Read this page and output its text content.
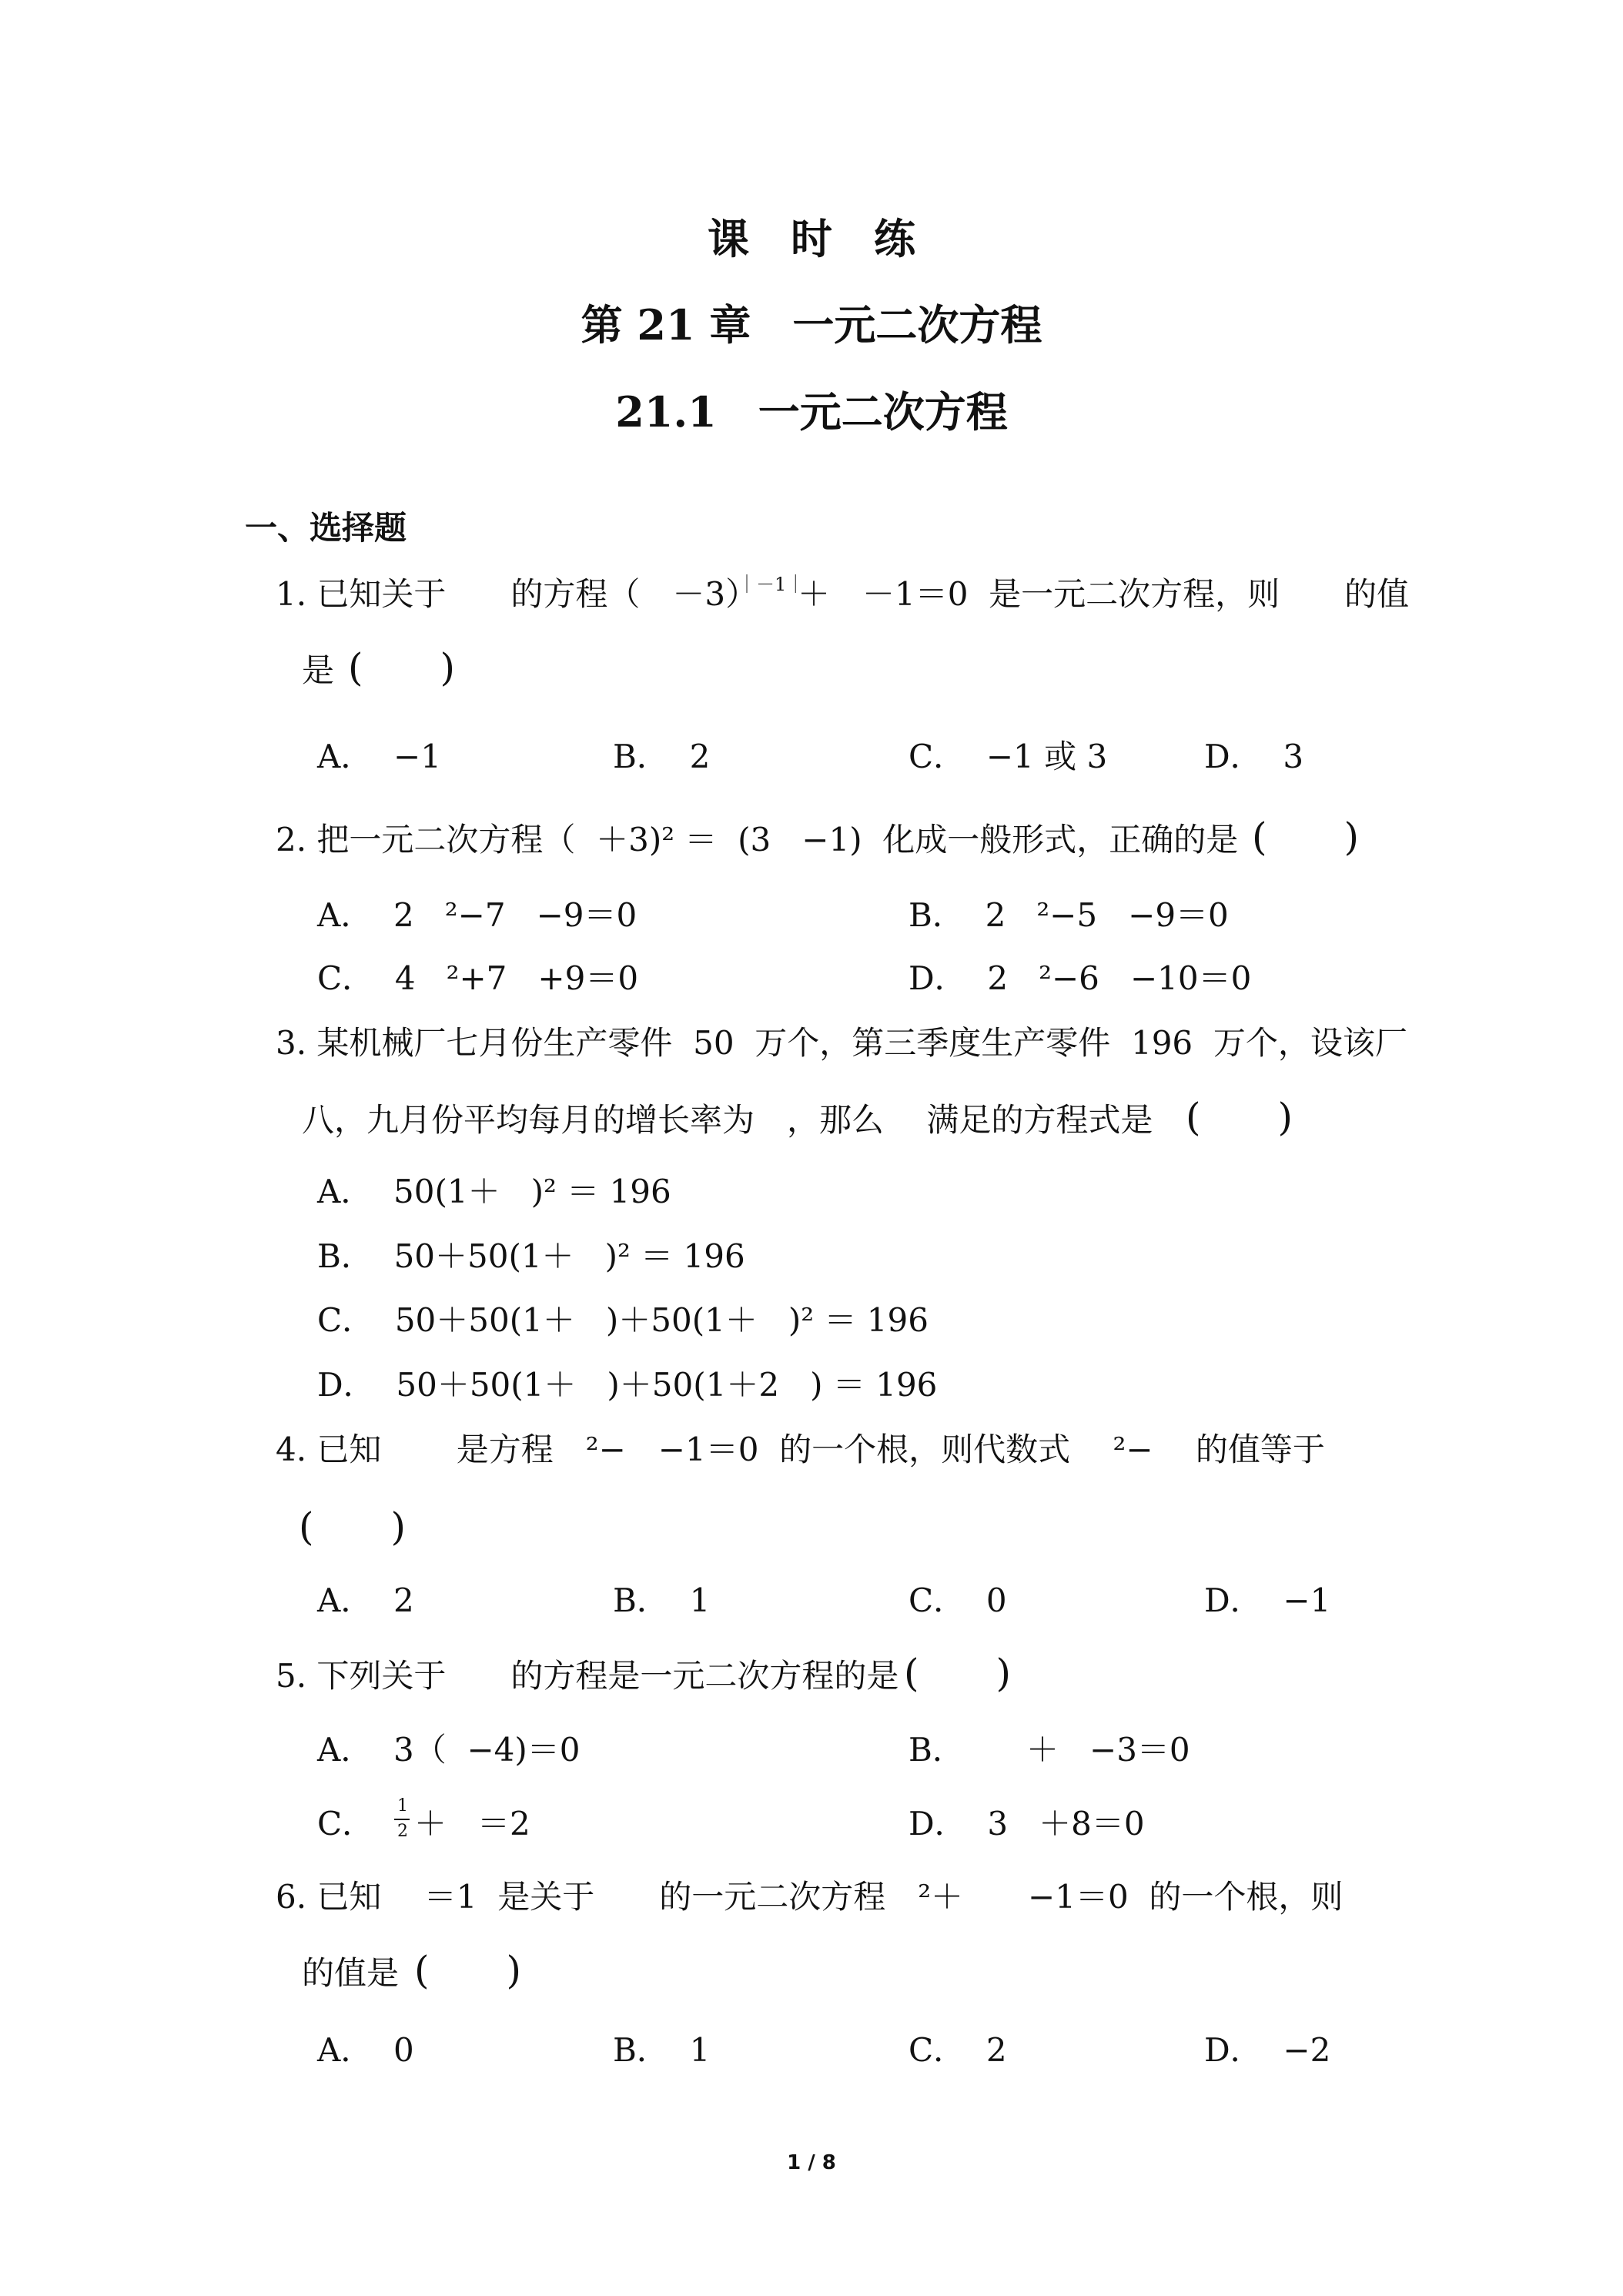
课　时　练
第 21 章　一元二次方程
21.1　一元二次方程
一、选择题
1. 已知关于　　的方程（　－3）
｜－1｜
＋　－1＝0  是一元二次方程，则　　的值
是 (　　)
A．  −1	B．  2	C．  −1 或 3	D．  3
2. 把一元二次方程（  ＋3)² ＝  (3   −1)  化成一般形式，正确的是 (　　)
A．  2   ²−7   −9＝0	B．  2   ²−5   −9＝0
C．  4   ²+7   +9＝0	D．  2   ²−6   −10＝0
3. 某机械厂七月份生产零件  50  万个，第三季度生产零件  196  万个，设该厂
八，九月份平均每月的增长率为　，那么　 满足的方程式是 (　　)
A．  50(1＋   )² ＝ 196
B．  50＋50(1＋   )² ＝ 196
C．  50＋50(1＋   )＋50(1＋   )² ＝ 196
D．  50＋50(1＋   )＋50(1＋2   ) ＝ 196
4. 已知　　 是方程　²−　−1＝0  的一个根，则代数式　 ²−　 的值等于
(　　)
A．  2	B．  1	C．  0	D．  −1
5. 下列关于　　的方程是一元二次方程的是 (　　)
A．  3（  −4)＝0	B．      ＋   −3＝0
C． 1
2 ＋   ＝2	D．  3   ＋8＝0
6. 已知　 ＝1  是关于　　的一元二次方程　²＋　　−1＝0  的一个根，则
的值是 (　　)
A．  0	B．  1	C．  2	D．  −2
1 / 8
